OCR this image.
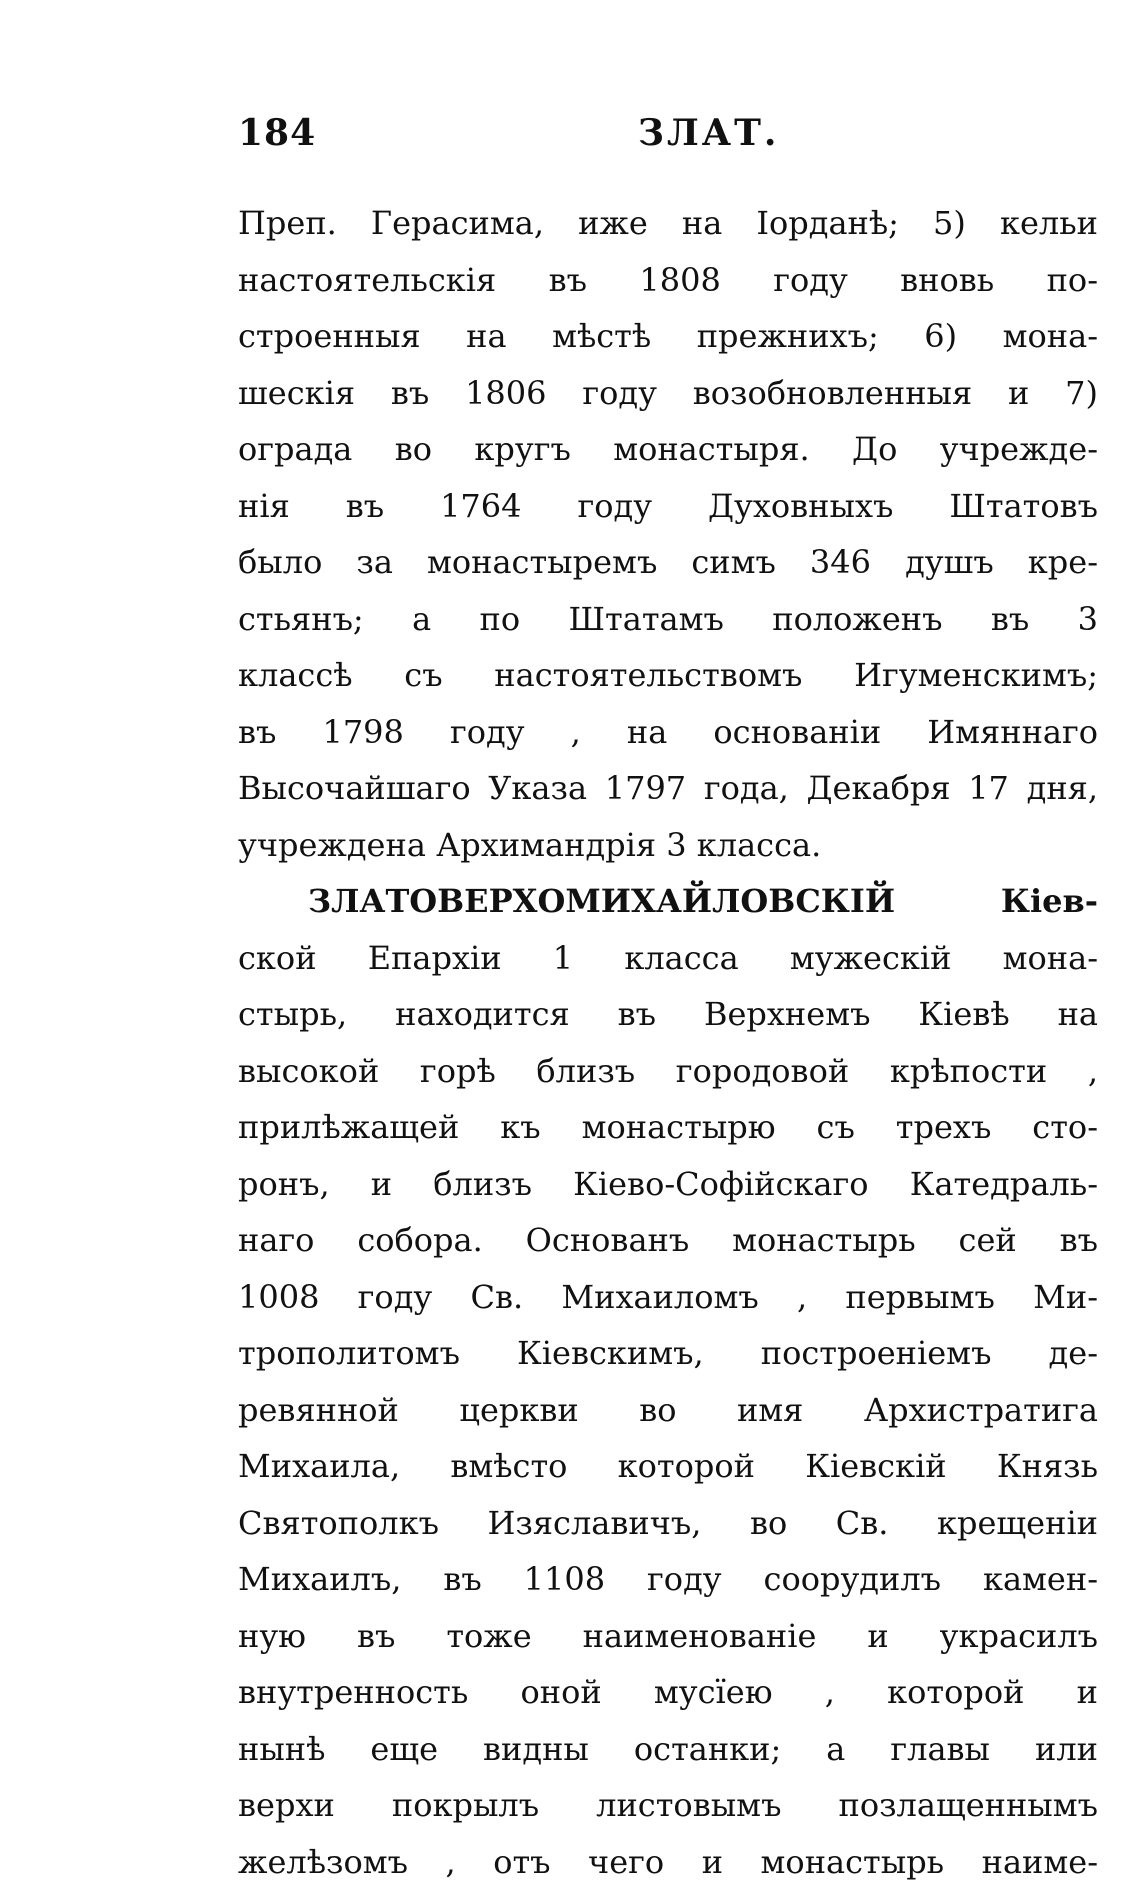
184	ЗЛАТ.
Преп. Герасима, иже на Iорданѣ; 5) кельи
настоятельскія въ 1808 году вновь по-
строенныя на мѣстѣ прежнихъ; 6) мона-
шескія въ 1806 году возобновленныя и 7)
ограда во кругъ монастыря. До учрежде-
нія въ 1764 году Духовныхъ Штатовъ
было за монастыремъ симъ 346 душъ кре-
стьянъ; а по Штатамъ положенъ въ 3
классѣ съ настоятельствомъ Игуменскимъ;
въ 1798 году , на основаніи Имяннаго
Высочайшаго Указа 1797 года, Декабря 17 дня,
учреждена Архимандрія 3 класса.
ЗЛАТОВЕРХОМИХАЙЛОВСКІЙ Кіев-
ской Епархіи 1 класса мужескій мона-
стырь, находится въ Верхнемъ Кіевѣ на
высокой горѣ близъ городовой крѣпости ,
прилѣжащей къ монастырю съ трехъ сто-
ронъ, и близъ Кіево-Софійскаго Катедраль-
наго собора. Основанъ монастырь сей въ
1008 году Св. Михаиломъ , первымъ Ми-
трополитомъ Кіевскимъ, построеніемъ де-
ревянной церкви во имя Архистратига
Михаила, вмѣсто которой Кіевскій Князь
Святополкъ Изяславичъ, во Св. крещеніи
Михаилъ, въ 1108 году соорудилъ камен-
ную въ тоже наименованіе и украсилъ
внутренность оной мусїею , которой и
нынѣ еще видны останки; а главы или
верхи покрылъ листовымъ позлащеннымъ
желѣзомъ , отъ чего и монастырь наиме-
